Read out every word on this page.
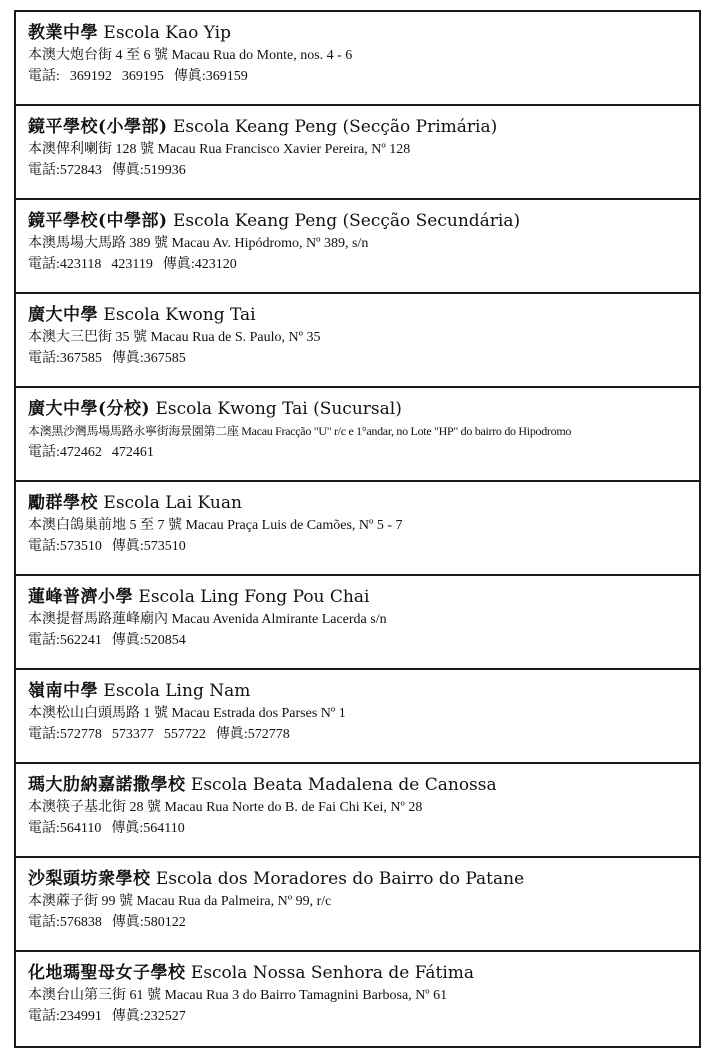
教業中學 Escola Kao Yip
本澳大炮台街 4 至 6 號 Macau Rua do Monte, nos. 4 - 6
電話: 369192 369195 傳眞:369159
鏡平學校(小學部) Escola Keang Peng (Secção Primária)
本澳俾利喇街 128 號 Macau Rua Francisco Xavier Pereira, Nº 128
電話:572843 傳眞:519936
鏡平學校(中學部) Escola Keang Peng (Secção Secundária)
本澳馬場大馬路 389 號 Macau Av. Hipódromo, Nº 389, s/n
電話:423118 423119 傳眞:423120
廣大中學 Escola Kwong Tai
本澳大三巴街 35 號 Macau Rua de S. Paulo, Nº 35
電話:367585 傳眞:367585
廣大中學(分校) Escola Kwong Tai (Sucursal)
本澳黑沙灣馬場馬路永寧街海景園第二座 Macau Fracção "U" r/c e 1°andar, no Lote "HP" do bairro do Hipodromo
電話:472462 472461
勵群學校 Escola Lai Kuan
本澳白鴿巢前地 5 至 7 號 Macau Praça Luis de Camões, Nº 5 - 7
電話:573510 傳眞:573510
蓮峰普濟小學 Escola Ling Fong Pou Chai
本澳提督馬路蓮峰廟內 Macau Avenida Almirante Lacerda s/n
電話:562241 傳眞:520854
嶺南中學 Escola Ling Nam
本澳松山白頭馬路 1 號 Macau Estrada dos Parses Nº 1
電話:572778 573377 557722 傳眞:572778
瑪大肋納嘉諾撒學校 Escola Beata Madalena de Canossa
本澳筷子基北街 28 號 Macau Rua Norte do B. de Fai Chi Kei, Nº 28
電話:564110 傳眞:564110
沙梨頭坊衆學校 Escola dos Moradores do Bairro do Patane
本澳蔴子街 99 號 Macau Rua da Palmeira, Nº 99, r/c
電話:576838 傳眞:580122
化地瑪聖母女子學校 Escola Nossa Senhora de Fátima
本澳台山第三街 61 號 Macau Rua 3 do Bairro Tamagnini Barbosa, Nº 61
電話:234991 傳眞:232527
